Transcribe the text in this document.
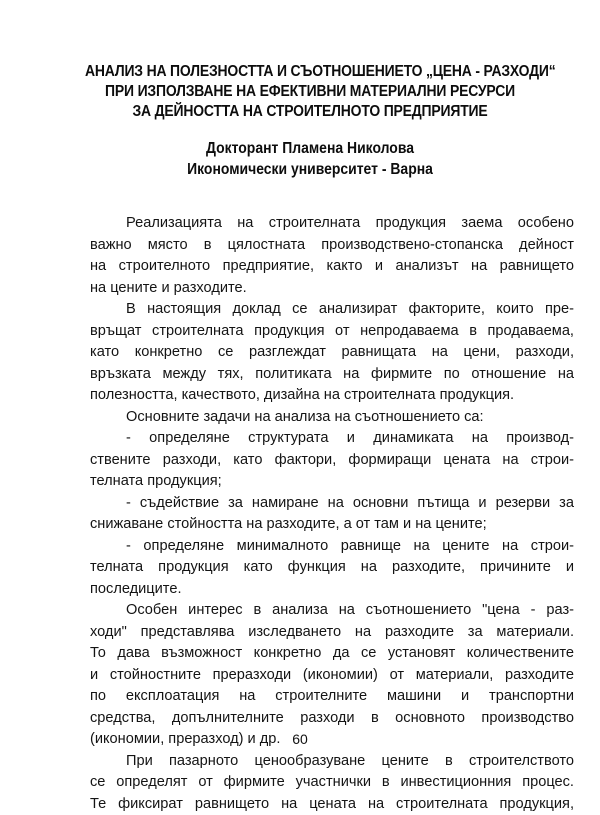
АНАЛИЗ НА ПОЛЕЗНОСТТА И СЪОТНОШЕНИЕТО „ЦЕНА - РАЗХОДИ“
ПРИ ИЗПОЛЗВАНЕ НА ЕФЕКТИВНИ МАТЕРИАЛНИ РЕСУРСИ
ЗА ДЕЙНОСТТА НА СТРОИТЕЛНОТО ПРЕДПРИЯТИЕ
Докторант Пламена Николова
Икономически университет - Варна
Реализацията на строителната продукция заема особено
важно място в цялостната производствено-стопанска дейност
на строителното предприятие, както и анализът на равнището
на цените и разходите.
В настоящия доклад се анализират факторите, които пре-
връщат строителната продукция от непродаваема в продаваема,
като конкретно се разглеждат равнищата на цени, разходи,
връзката между тях, политиката на фирмите по отношение на
полезността, качеството, дизайна на строителната продукция.
Основните задачи на анализа на съотношението са:
- определяне структурата и динамиката на производ-
ствените разходи, като фактори, формиращи цената на строи-
телната продукция;
- съдействие за намиране на основни пътища и резерви за
снижаване стойността на разходите, а от там и на цените;
- определяне минималното равнище на цените на строи-
телната продукция като функция на разходите, причините и
последиците.
Особен интерес в анализа на съотношението "цена - раз-
ходи" представлява изследването на разходите за материали.
То дава възможност конкретно да се установят количествените
и стойностните преразходи (икономии) от материали, разходите
по експлоатация на строителните машини и транспортни
средства, допълнителните разходи в основното производство
(икономии, преразход) и др.
При пазарното ценообразуване цените в строителството
се определят от фирмите участнички в инвестиционния процес.
Те фиксират равнището на цената на строителната продукция,
60
